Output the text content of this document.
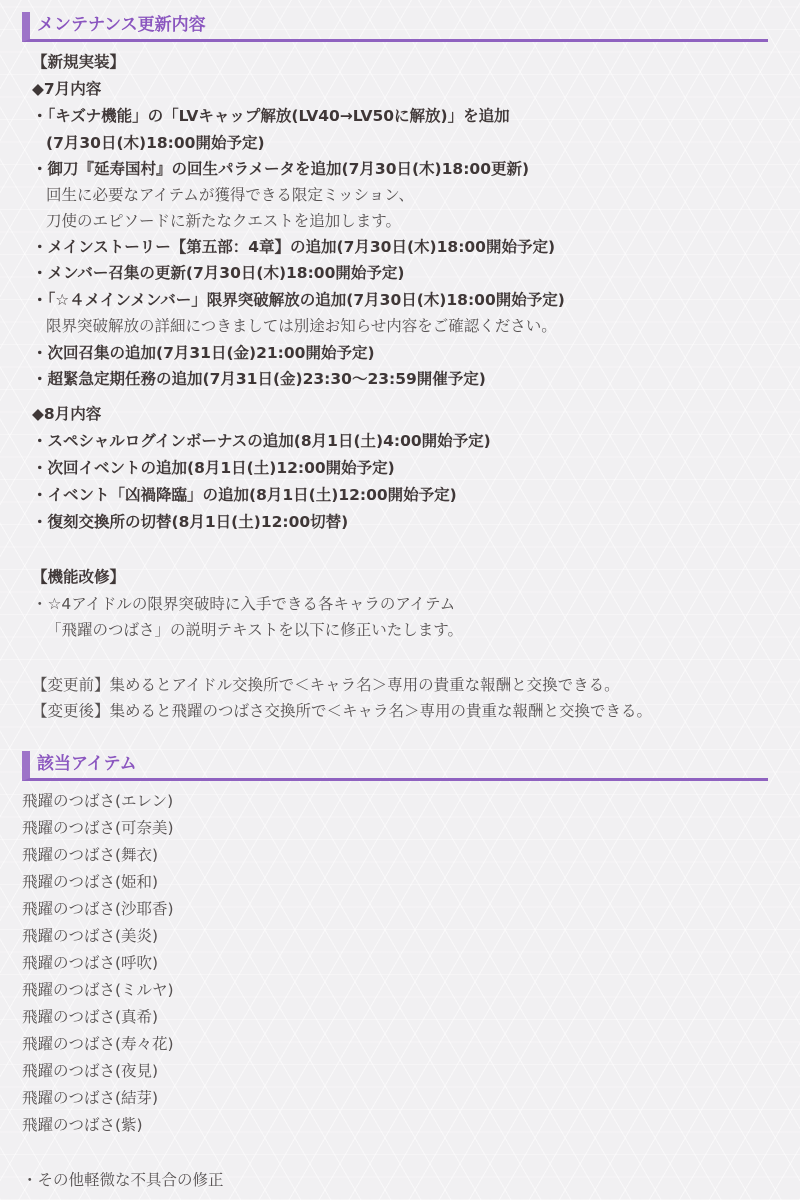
メンテナンス更新内容
【新規実装】
◆7月内容
・「キズナ機能」の「LVキャップ解放(LV40→LV50に解放)」を追加
(7月30日(木)18:00開始予定)
・御刀『延寿国村』の回生パラメータを追加(7月30日(木)18:00更新)
回生に必要なアイテムが獲得できる限定ミッション、
刀使のエピソードに新たなクエストを追加します。
・メインストーリー【第五部：4章】の追加(7月30日(木)18:00開始予定)
・メンバー召集の更新(7月30日(木)18:00開始予定)
・「☆４メインメンバー」限界突破解放の追加(7月30日(木)18:00開始予定)
限界突破解放の詳細につきましては別途お知らせ内容をご確認ください。
・次回召集の追加(7月31日(金)21:00開始予定)
・超緊急定期任務の追加(7月31日(金)23:30～23:59開催予定)
◆8月内容
・スペシャルログインボーナスの追加(8月1日(土)4:00開始予定)
・次回イベントの追加(8月1日(土)12:00開始予定)
・イベント「凶禍降臨」の追加(8月1日(土)12:00開始予定)
・復刻交換所の切替(8月1日(土)12:00切替)
【機能改修】
・☆4アイドルの限界突破時に入手できる各キャラのアイテム
「飛躍のつばさ」の説明テキストを以下に修正いたします。
【変更前】集めるとアイドル交換所で＜キャラ名＞専用の貴重な報酬と交換できる。
【変更後】集めると飛躍のつばさ交換所で＜キャラ名＞専用の貴重な報酬と交換できる。
該当アイテム
飛躍のつばさ(エレン)
飛躍のつばさ(可奈美)
飛躍のつばさ(舞衣)
飛躍のつばさ(姫和)
飛躍のつばさ(沙耶香)
飛躍のつばさ(美炎)
飛躍のつばさ(呼吹)
飛躍のつばさ(ミルヤ)
飛躍のつばさ(真希)
飛躍のつばさ(寿々花)
飛躍のつばさ(夜見)
飛躍のつばさ(結芽)
飛躍のつばさ(紫)
・その他軽微な不具合の修正
